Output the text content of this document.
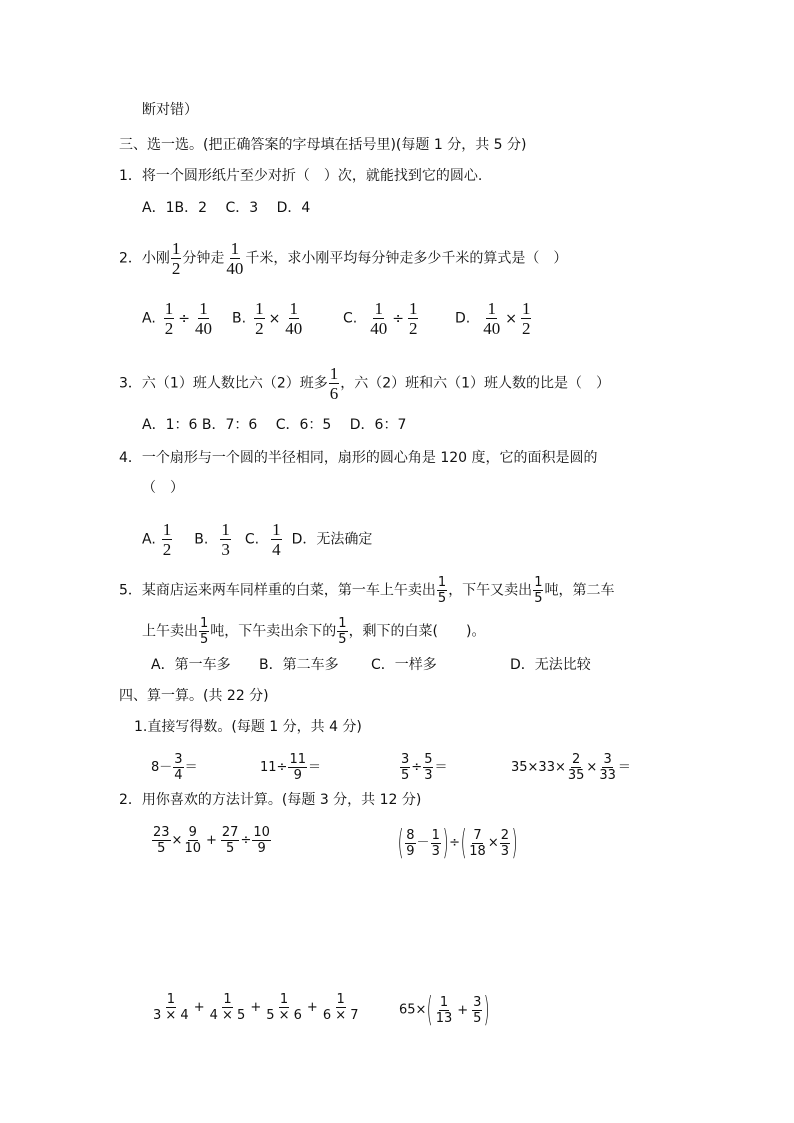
断对错）
三、选一选。(把正确答案的字母填在括号里)(每题 1 分，共 5 分)
1．将一个圆形纸片至少对折（　）次，就能找到它的圆心.
A．1B．2　 C．3　 D．4
2．小刚 $\frac{1}{2}$ 分钟走 $\frac{1}{40}$ 千米，求小刚平均每分钟走多少千米的算式是（　）
A. $\frac{1}{2} \div \frac{1}{40} B$. $\frac{1}{2} \times \frac{1}{40}$	C. $\frac{1}{40} \div \frac{1}{2}$	D. $\frac{1}{40} \times \frac{1}{2}$
3．六（1）班人数比六（2）班多 $\frac{1}{6}$ ，六（2）班和六（1）班人数的比是（　）
A．1：6 B．7：6　 C．6：5　 D．6：7
4．一个扇形与一个圆的半径相同，扇形的圆心角是 120 度，它的面积是圆的
（　）
A. $\frac{1}{2} B$. $\frac{1}{3} C$. $\frac{1}{4}$ D．无法确定
5．某商店运来两车同样重的白菜，第一车上午卖出 $\frac{1}{5}$ ，下午又卖出 $\frac{1}{5}$ 吨，第二车
上午卖出 $\frac{1}{5}$ 吨，下午卖出余下的 $\frac{1}{5}$ ，剩下的白菜(　　)。
A．第一车多 B．第二车多 C．一样多	D．无法比较
四、算一算。(共 22 分)
1.直接写得数。(每题 1 分，共 4 分)
$8- \frac{3}{4}$ ＝	$11\div \frac{11}{9}$ ＝	$\frac{3}{5} \div \frac{5}{3}$ ＝	$35\times 33\times \frac{2}{35} \times \frac{3}{33}$ ＝
2．用你喜欢的方法计算。(每题 3 分，共 12 分)
$\frac{23}{5} \times \frac{9}{10} + \frac{27}{5} \div \frac{10}{9}$	( $\frac{8}{9} - \frac{1}{3}$ )÷( $\frac{7}{18} \times \frac{2}{3}$ )
$\frac{1}{3 \times 4} + \frac{1}{4 \times 5} + \frac{1}{5 \times 6} + \frac{1}{6 \times 7}$	$65\times( \frac{1}{13} + \frac{3}{5}$ )
